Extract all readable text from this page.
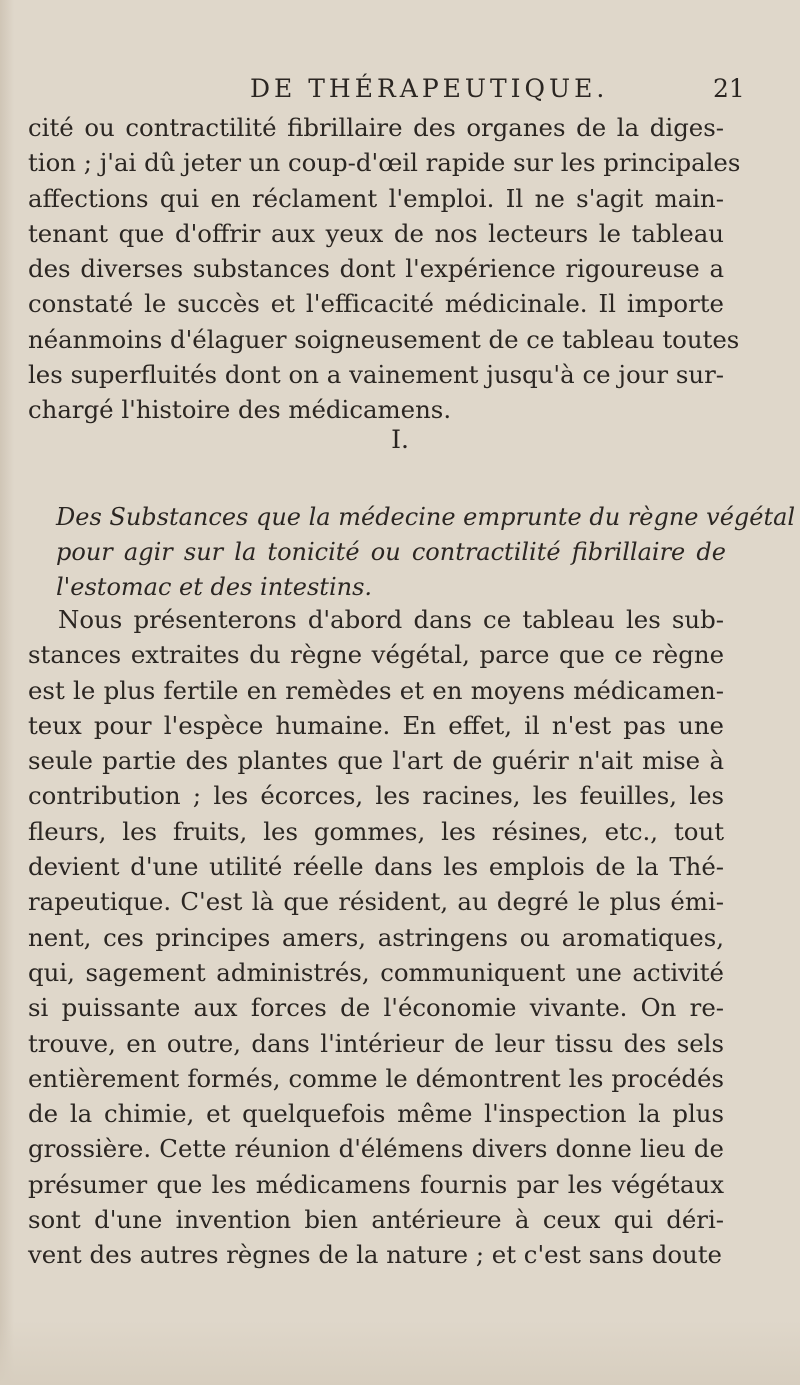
DE THÉRAPEUTIQUE.	21
cité ou contractilité fibrillaire des organes de la diges-
tion ; j'ai dû jeter un coup-d'œil rapide sur les principales
affections qui en réclament l'emploi. Il ne s'agit main-
tenant que d'offrir aux yeux de nos lecteurs le tableau
des diverses substances dont l'expérience rigoureuse a
constaté le succès et l'efficacité médicinale. Il importe
néanmoins d'élaguer soigneusement de ce tableau toutes
les superfluités dont on a vainement jusqu'à ce jour sur-
chargé l'histoire des médicamens.
I.
Des Substances que la médecine emprunte du règne végétal
pour agir sur la tonicité ou contractilité fibrillaire de
l'estomac et des intestins.
Nous présenterons d'abord dans ce tableau les sub-
stances extraites du règne végétal, parce que ce règne
est le plus fertile en remèdes et en moyens médicamen-
teux pour l'espèce humaine. En effet, il n'est pas une
seule partie des plantes que l'art de guérir n'ait mise à
contribution ; les écorces, les racines, les feuilles, les
fleurs, les fruits, les gommes, les résines, etc., tout
devient d'une utilité réelle dans les emplois de la Thé-
rapeutique. C'est là que résident, au degré le plus émi-
nent, ces principes amers, astringens ou aromatiques,
qui, sagement administrés, communiquent une activité
si puissante aux forces de l'économie vivante. On re-
trouve, en outre, dans l'intérieur de leur tissu des sels
entièrement formés, comme le démontrent les procédés
de la chimie, et quelquefois même l'inspection la plus
grossière. Cette réunion d'élémens divers donne lieu de
présumer que les médicamens fournis par les végétaux
sont d'une invention bien antérieure à ceux qui déri-
vent des autres règnes de la nature ; et c'est sans doute
